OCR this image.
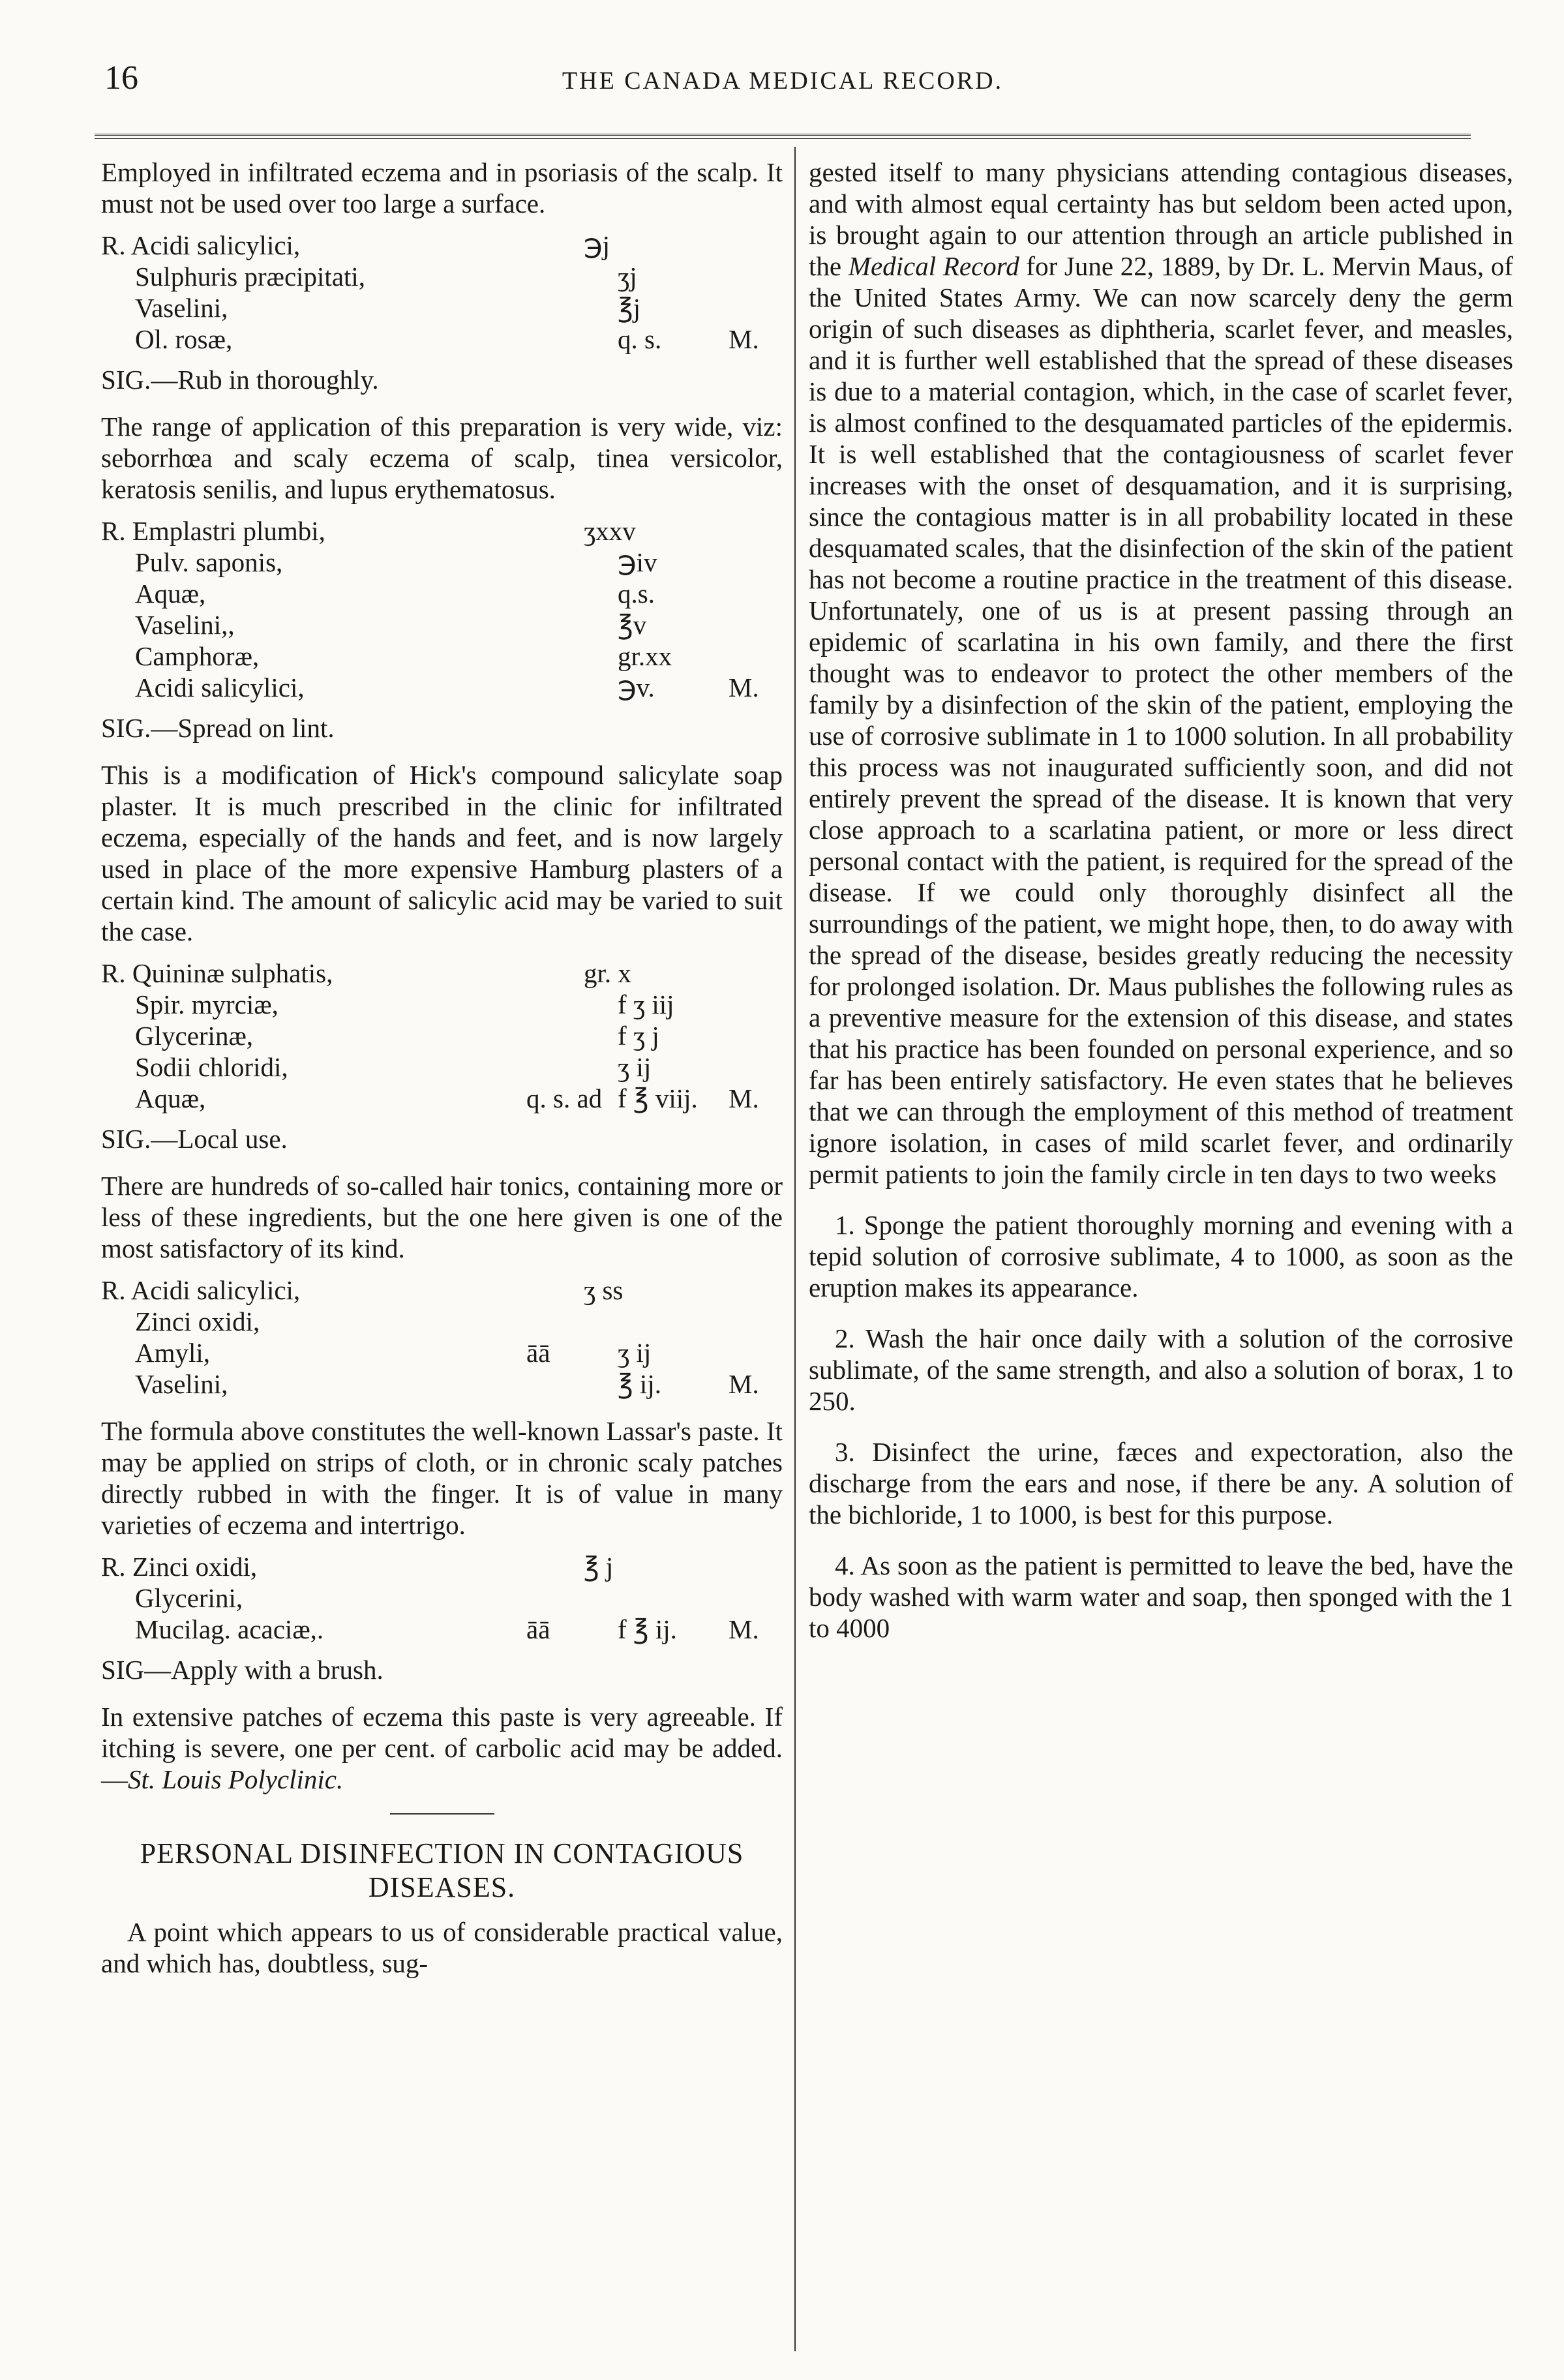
16	THE CANADA MEDICAL RECORD.

Employed in infiltrated eczema and in psoriasis of the scalp. It must not be used over too large a surface.

R. Acidi salicylici,	℈j
Sulphuris præcipitati,	ʒj
Vaselini,	℥j
Ol. rosæ,	q. s.	M.
SIG.—Rub in thoroughly.

The range of application of this preparation is very wide, viz: seborrhœa and scaly eczema of scalp, tinea versicolor, keratosis senilis, and lupus erythematosus.

R. Emplastri plumbi,	ʒxxv
Pulv. saponis,	℈iv
Aquæ,	q.s.
Vaselini,,	℥v
Camphoræ,	gr.xx
Acidi salicylici,	℈v.	M.
SIG.—Spread on lint.

This is a modification of Hick's compound salicylate soap plaster. It is much prescribed in the clinic for infiltrated eczema, especially of the hands and feet, and is now largely used in place of the more expensive Hamburg plasters of a certain kind. The amount of salicylic acid may be varied to suit the case.

R. Quininæ sulphatis,	gr. x
Spir. myrciæ,	f ʒ iij
Glycerinæ,	f ʒ j
Sodii chloridi,	ʒ ij
Aquæ,	q. s. ad f ℥ viij.	M.
SIG.—Local use.

There are hundreds of so-called hair tonics, containing more or less of these ingredients, but the one here given is one of the most satisfactory of its kind.

R. Acidi salicylici,	ʒ ss
Zinci oxidi,
Amyli,	āā	ʒ ij
Vaselini,	℥ ij.	M.

The formula above constitutes the well-known Lassar's paste. It may be applied on strips of cloth, or in chronic scaly patches directly rubbed in with the finger. It is of value in many varieties of eczema and intertrigo.

R. Zinci oxidi,	℥ j
Glycerini,
Mucilag. acaciæ,.	āā	f ℥ ij.	M.
SIG—Apply with a brush.

In extensive patches of eczema this paste is very agreeable. If itching is severe, one per cent. of carbolic acid may be added.—St. Louis Polyclinic.

PERSONAL DISINFECTION IN CONTAGIOUS DISEASES.

A point which appears to us of considerable practical value, and which has, doubtless, sug-

gested itself to many physicians attending contagious diseases, and with almost equal certainty has but seldom been acted upon, is brought again to our attention through an article published in the Medical Record for June 22, 1889, by Dr. L. Mervin Maus, of the United States Army. We can now scarcely deny the germ origin of such diseases as diphtheria, scarlet fever, and measles, and it is further well established that the spread of these diseases is due to a material contagion, which, in the case of scarlet fever, is almost confined to the desquamated particles of the epidermis. It is well established that the contagiousness of scarlet fever increases with the onset of desquamation, and it is surprising, since the contagious matter is in all probability located in these desquamated scales, that the disinfection of the skin of the patient has not become a routine practice in the treatment of this disease. Unfortunately, one of us is at present passing through an epidemic of scarlatina in his own family, and there the first thought was to endeavor to protect the other members of the family by a disinfection of the skin of the patient, employing the use of corrosive sublimate in 1 to 1000 solution. In all probability this process was not inaugurated sufficiently soon, and did not entirely prevent the spread of the disease. It is known that very close approach to a scarlatina patient, or more or less direct personal contact with the patient, is required for the spread of the disease. If we could only thoroughly disinfect all the surroundings of the patient, we might hope, then, to do away with the spread of the disease, besides greatly reducing the necessity for prolonged isolation. Dr. Maus publishes the following rules as a preventive measure for the extension of this disease, and states that his practice has been founded on personal experience, and so far has been entirely satisfactory. He even states that he believes that we can through the employment of this method of treatment ignore isolation, in cases of mild scarlet fever, and ordinarily permit patients to join the family circle in ten days to two weeks

1. Sponge the patient thoroughly morning and evening with a tepid solution of corrosive sublimate, 4 to 1000, as soon as the eruption makes its appearance.

2. Wash the hair once daily with a solution of the corrosive sublimate, of the same strength, and also a solution of borax, 1 to 250.

3. Disinfect the urine, fæces and expectoration, also the discharge from the ears and nose, if there be any. A solution of the bichloride, 1 to 1000, is best for this purpose.

4. As soon as the patient is permitted to leave the bed, have the body washed with warm water and soap, then sponged with the 1 to 4000
